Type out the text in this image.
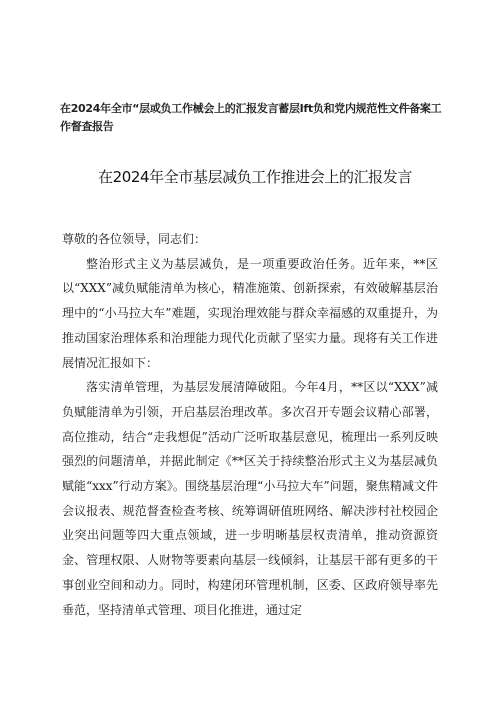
在2024年全市“层或负工作械会上的汇报发言蓄层Ift负和党内规范性文件备案工作督查报告
在2024年全市基层减负工作推进会上的汇报发言

尊敬的各位领导，同志们：

整治形式主义为基层减负，是一项重要政治任务。近年来，**区以“XXX”减负赋能清单为核心，精准施策、创新探索，有效破解基层治理中的“小马拉大车”难题，实现治理效能与群众幸福感的双重提升，为推动国家治理体系和治理能力现代化贡献了坚实力量。现将有关工作进展情况汇报如下：

落实清单管理，为基层发展清障破阻。今年4月，**区以“XXX”减负赋能清单为引领，开启基层治理改革。多次召开专题会议精心部署，高位推动，结合“走我想促”活动广泛听取基层意见，梳理出一系列反映强烈的问题清单，并据此制定《**区关于持续整治形式主义为基层减负赋能“xxx”行动方案》。围绕基层治理“小马拉大车”问题，聚焦精减文件会议报表、规范督查检查考核、统筹调研值班网络、解决涉村社校园企业突出问题等四大重点领域，进一步明晰基层权责清单，推动资源资金、管理权限、人财物等要素向基层一线倾斜，让基层干部有更多的干事创业空间和动力。同时，构建闭环管理机制，区委、区政府领导率先垂范，坚持清单式管理、项目化推进，通过定
